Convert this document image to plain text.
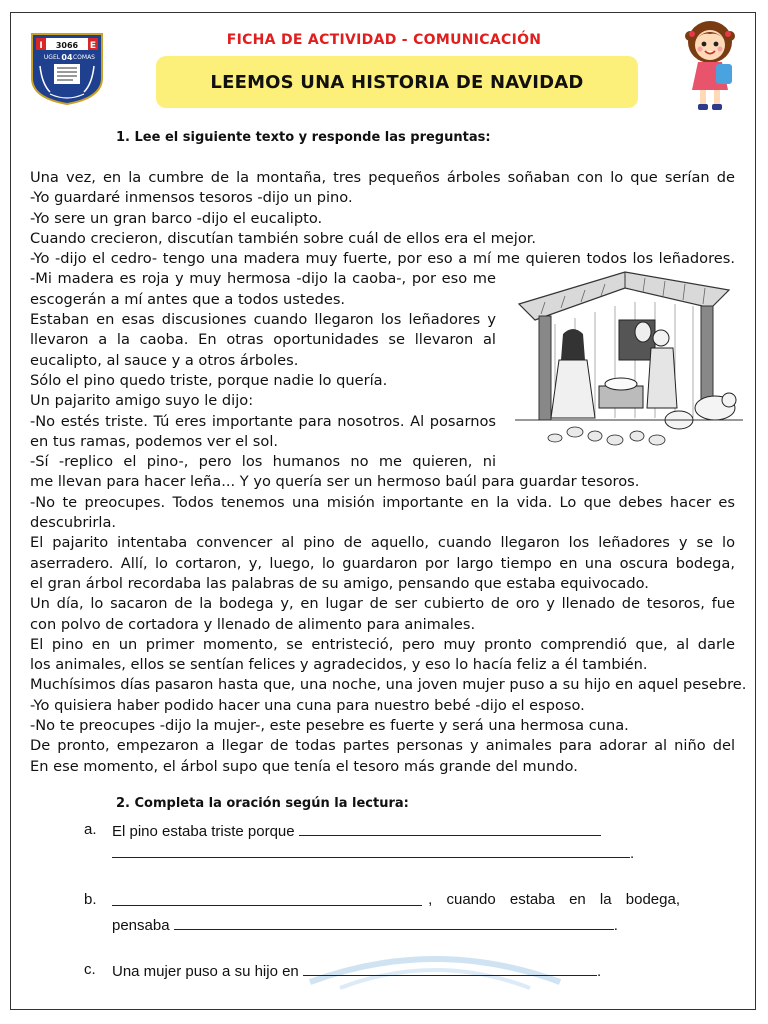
I	E
3066
UGEL 04 COMAS
FICHA DE ACTIVIDAD - COMUNICACIÓN
LEEMOS UNA HISTORIA DE NAVIDAD
1. Lee el siguiente texto y responde las preguntas:
Una vez, en la cumbre de la montaña, tres pequeños árboles soñaban con lo que serían de
-Yo guardaré inmensos tesoros -dijo un pino.
-Yo sere un gran barco -dijo el eucalipto.
Cuando crecieron, discutían también sobre cuál de ellos era el mejor.
-Yo -dijo el cedro- tengo una madera muy fuerte, por eso a mí me quieren todos los leñadores.
-Mi madera es roja y muy hermosa -dijo la caoba-, por eso me
escogerán a mí antes que a todos ustedes.
Estaban en esas discusiones cuando llegaron los leñadores y
llevaron a la caoba. En otras oportunidades se llevaron al
eucalipto, al sauce y a otros árboles.
Sólo el pino quedo triste, porque nadie lo quería.
Un pajarito amigo suyo le dijo:
-No estés triste. Tú eres importante para nosotros. Al posarnos
en tus ramas, podemos ver el sol.
-Sí -replico el pino-, pero los humanos no me quieren, ni
me llevan para hacer leña... Y yo quería ser un hermoso baúl para guardar tesoros.
-No te preocupes. Todos tenemos una misión importante en la vida. Lo que debes hacer es
descubrirla.
El pajarito intentaba convencer al pino de aquello, cuando llegaron los leñadores y se lo
aserradero. Allí, lo cortaron, y, luego, lo guardaron por largo tiempo en una oscura bodega,
el gran árbol recordaba las palabras de su amigo, pensando que estaba equivocado.
Un día, lo sacaron de la bodega y, en lugar de ser cubierto de oro y llenado de tesoros, fue
con polvo de cortadora y llenado de alimento para animales.
El pino en un primer momento, se entristeció, pero muy pronto comprendió que, al darle
los animales, ellos se sentían felices y agradecidos, y eso lo hacía feliz a él también.
Muchísimos días pasaron hasta que, una noche, una joven mujer puso a su hijo en aquel pesebre.
-Yo quisiera haber podido hacer una cuna para nuestro bebé -dijo el esposo.
-No te preocupes -dijo la mujer-, este pesebre es fuerte y será una hermosa cuna.
De pronto, empezaron a llegar de todas partes personas y animales para adorar al niño del
En ese momento, el árbol supo que tenía el tesoro más grande del mundo.
2. Completa la oración según la lectura:
a. El pino estaba triste porque
.
b.	, cuando estaba en la bodega,
pensaba	.
c. Una mujer puso a su hijo en	.
